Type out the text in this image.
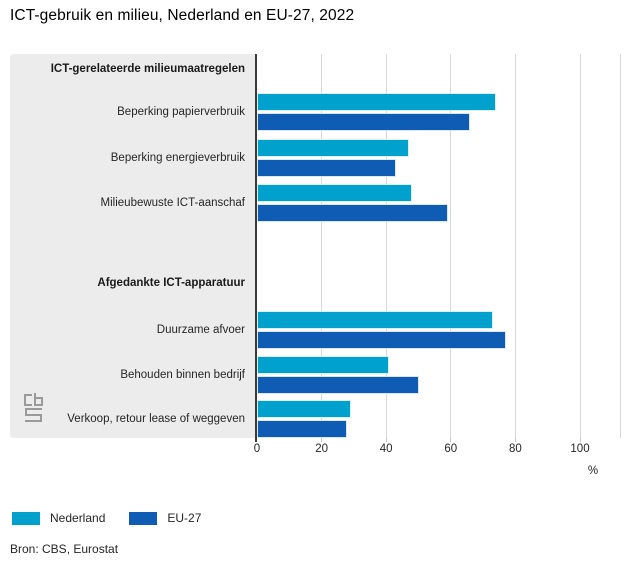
ICT-gebruik en milieu, Nederland en EU-27, 2022
ICT-gerelateerde milieumaatregelen
Beperking papierverbruik
Beperking energieverbruik
Milieubewuste ICT-aanschaf
Afgedankte ICT-apparatuur
Duurzame afvoer
Behouden binnen bedrijf
Verkoop, retour lease of weggeven
0	20	40	60	80	100
%
Nederland	EU-27
Bron: CBS, Eurostat
